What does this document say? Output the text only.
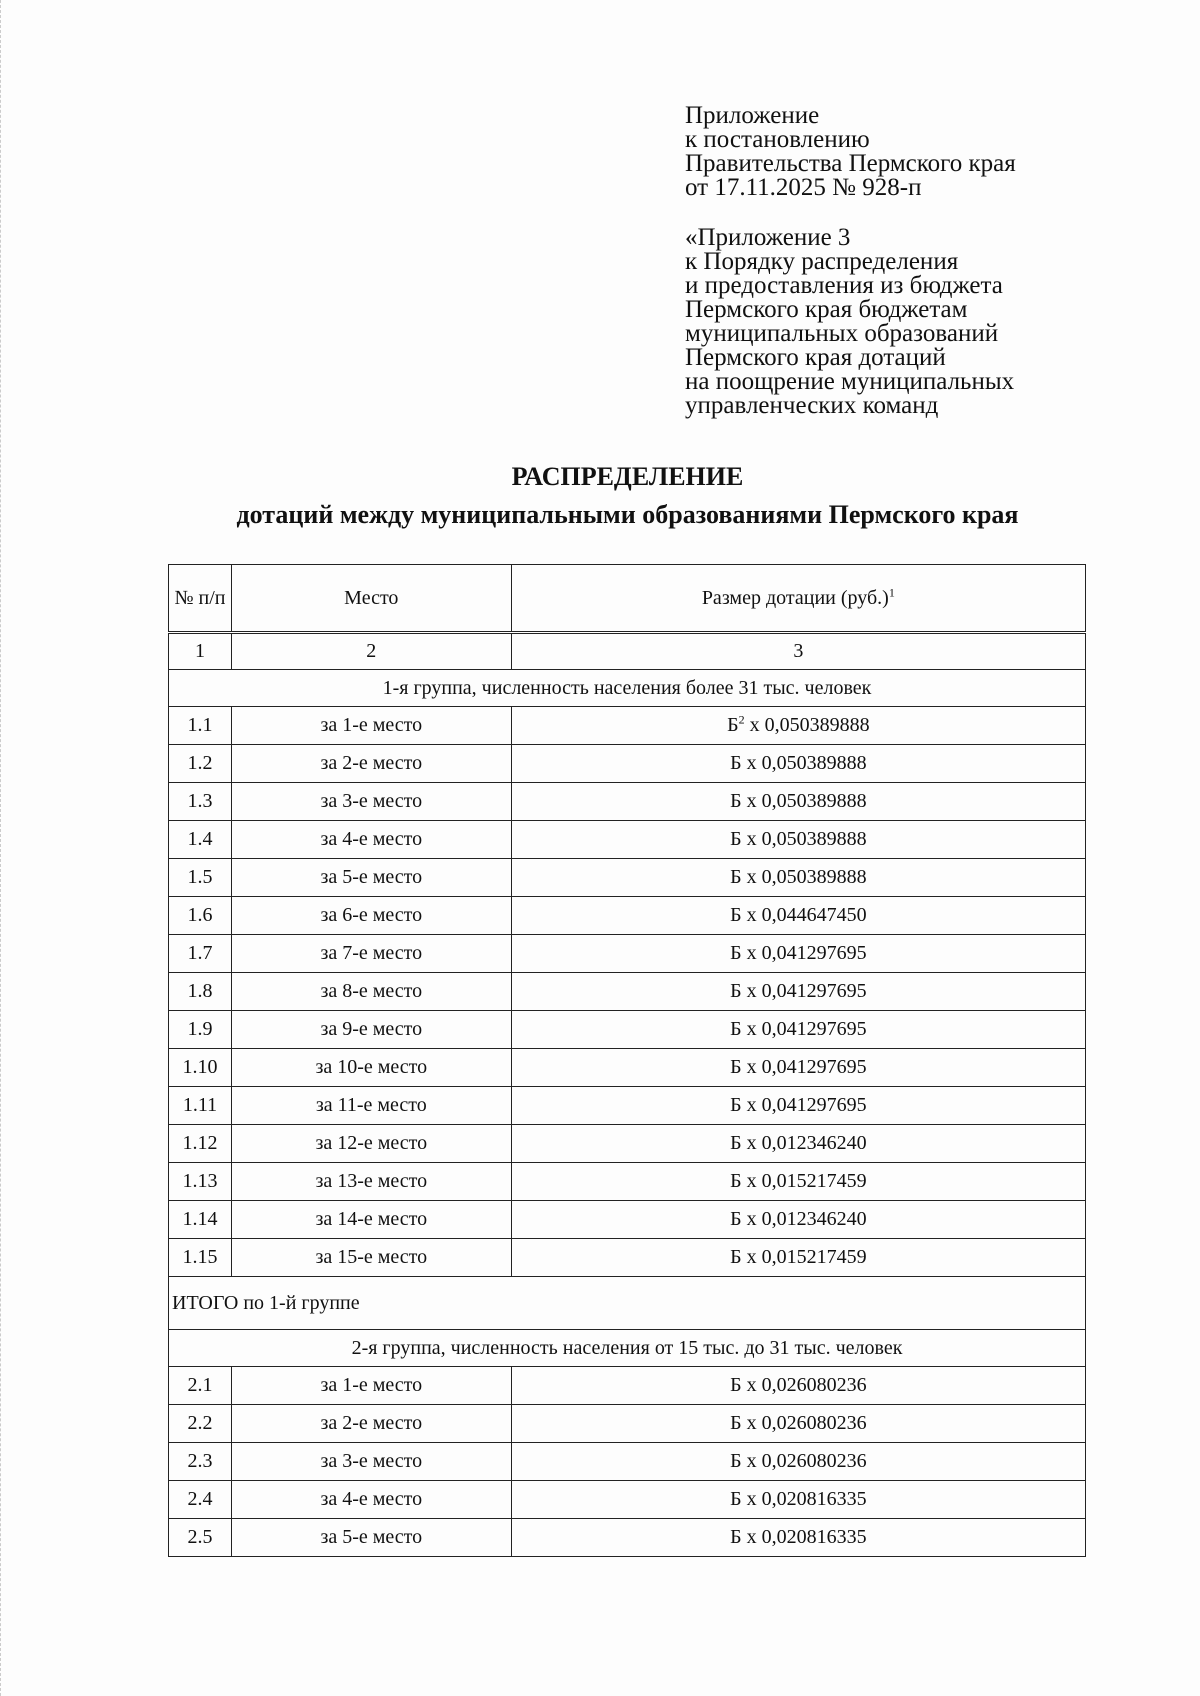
Приложение
к постановлению
Правительства Пермского края
от 17.11.2025 № 928-п
«Приложение 3
к Порядку распределения
и предоставления из бюджета
Пермского края бюджетам
муниципальных образований
Пермского края дотаций
на поощрение муниципальных
управленческих команд
РАСПРЕДЕЛЕНИЕ
дотаций между муниципальными образованиями Пермского края
№ п/п	Место	Размер дотации $(руб.)^1$
1	2	3
1-я группа, численность населения более 31 тыс. человек		
1.1	за 1-е место	$Б^2$ х 0,050389888
1.2	за 2-е место	Б х 0,050389888
1.3	за 3-е место	Б х 0,050389888
1.4	за 4-е место	Б х 0,050389888
1.5	за 5-е место	Б х 0,050389888
1.6	за 6-е место	Б х 0,044647450
1.7	за 7-е место	Б х 0,041297695
1.8	за 8-е место	Б х 0,041297695
1.9	за 9-е место	Б х 0,041297695
1.10	за 10-е место	Б х 0,041297695
1.11	за 11-е место	Б х 0,041297695
1.12	за 12-е место	Б х 0,012346240
1.13	за 13-е место	Б х 0,015217459
1.14	за 14-е место	Б х 0,012346240
1.15	за 15-е место	Б х 0,015217459
ИТОГО по 1-й группе		
2-я группа, численность населения от 15 тыс. до 31 тыс. человек		
2.1	за 1-е место	Б х 0,026080236
2.2	за 2-е место	Б х 0,026080236
2.3	за 3-е место	Б х 0,026080236
2.4	за 4-е место	Б х 0,020816335
2.5	за 5-е место	Б х 0,020816335
